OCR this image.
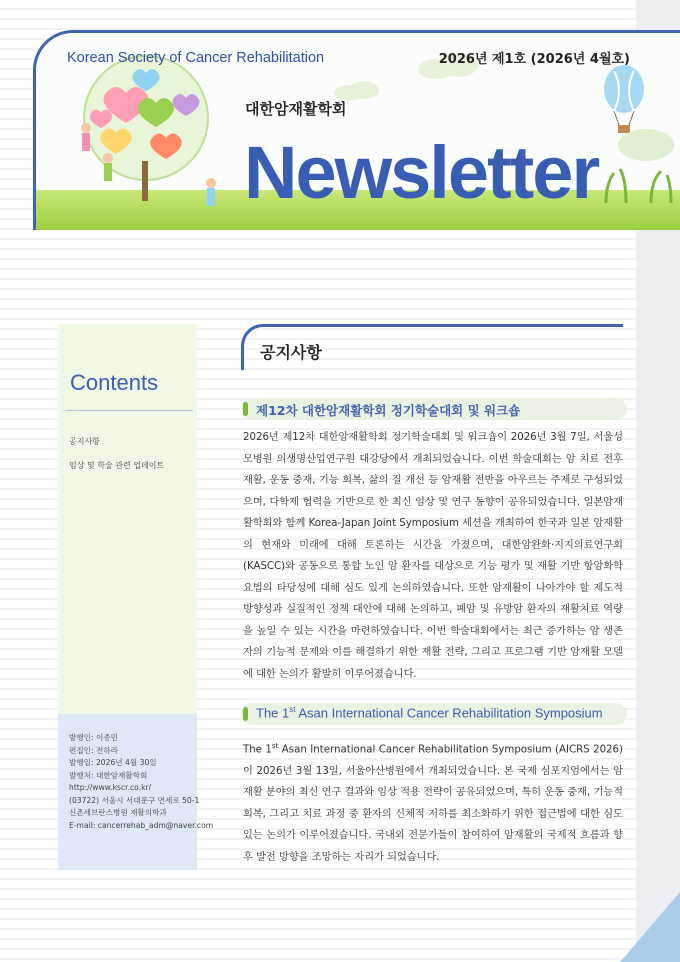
Korean Society of Cancer Rehabilitation	2026년 제1호 (2026년 4월호)
대한암재활학회
Newsletter
Contents
공지사항
임상 및 학술 관련 업데이트
발행인: 이종민
편집인: 전하라
발행일: 2026년 4월 30일
발행처: 대한암재활학회
http://www.kscr.co.kr/
(03722) 서울시 서대문구 연세로 50-1
신촌세브란스병원 재활의학과
E-mail: cancerrehab_adm@naver.com
공지사항
제12차 대한암재활학회 정기학술대회 및 워크숍

2026년 제12차 대한암재활학회 정기학술대회 및 워크숍이 2026년 3월 7일, 서울성모병원 의생명산업연구원 대강당에서 개최되었습니다. 이번 학술대회는 암 치료 전후 재활, 운동 중재, 기능 회복, 삶의 질 개선 등 암재활 전반을 아우르는 주제로 구성되었으며, 다학제 협력을 기반으로 한 최신 임상 및 연구 동향이 공유되었습니다. 일본암재활학회와 함께 Korea-Japan Joint Symposium 세션을 개최하여 한국과 일본 암재활의 현재와 미래에 대해 토론하는 시간을 가졌으며, 대한암완화·지지의료연구회 (KASCC)와 공동으로 통합 노인 암 환자를 대상으로 기능 평가 및 재활 기반 항암화학요법의 타당성에 대해 심도 있게 논의하였습니다. 또한 암재활이 나아가야 할 제도적 방향성과 실질적인 정책 대안에 대해 논의하고, 폐암 및 유방암 환자의 재활치료 역량을 높일 수 있는 시간을 마련하였습니다. 이번 학술대회에서는 최근 증가하는 암 생존자의 기능적 문제와 이를 해결하기 위한 재활 전략, 그리고 프로그램 기반 암재활 모델에 대한 논의가 활발히 이루어졌습니다.

The 1st Asan International Cancer Rehabilitation Symposium

The 1st Asan International Cancer Rehabilitation Symposium (AICRS 2026)이 2026년 3월 13일, 서울아산병원에서 개최되었습니다. 본 국제 심포지엄에서는 암재활 분야의 최신 연구 결과와 임상 적용 전략이 공유되었으며, 특히 운동 중재, 기능적 회복, 그리고 치료 과정 중 환자의 신체적 저하를 최소화하기 위한 접근법에 대한 심도 있는 논의가 이루어졌습니다. 국내외 전문가들이 참여하여 암재활의 국제적 흐름과 향후 발전 방향을 조망하는 자리가 되었습니다.
